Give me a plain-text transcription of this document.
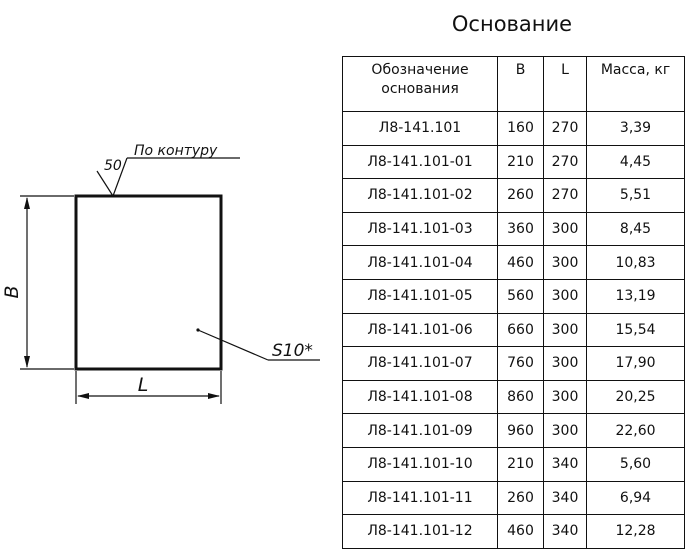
B
L
50
По контуру
S10*
Основание
Обозначение основания	B	L	Масса, кг
Л8-141.101	160	270	3,39
Л8-141.101-01	210	270	4,45
Л8-141.101-02	260	270	5,51
Л8-141.101-03	360	300	8,45
Л8-141.101-04	460	300	10,83
Л8-141.101-05	560	300	13,19
Л8-141.101-06	660	300	15,54
Л8-141.101-07	760	300	17,90
Л8-141.101-08	860	300	20,25
Л8-141.101-09	960	300	22,60
Л8-141.101-10	210	340	5,60
Л8-141.101-11	260	340	6,94
Л8-141.101-12	460	340	12,28
